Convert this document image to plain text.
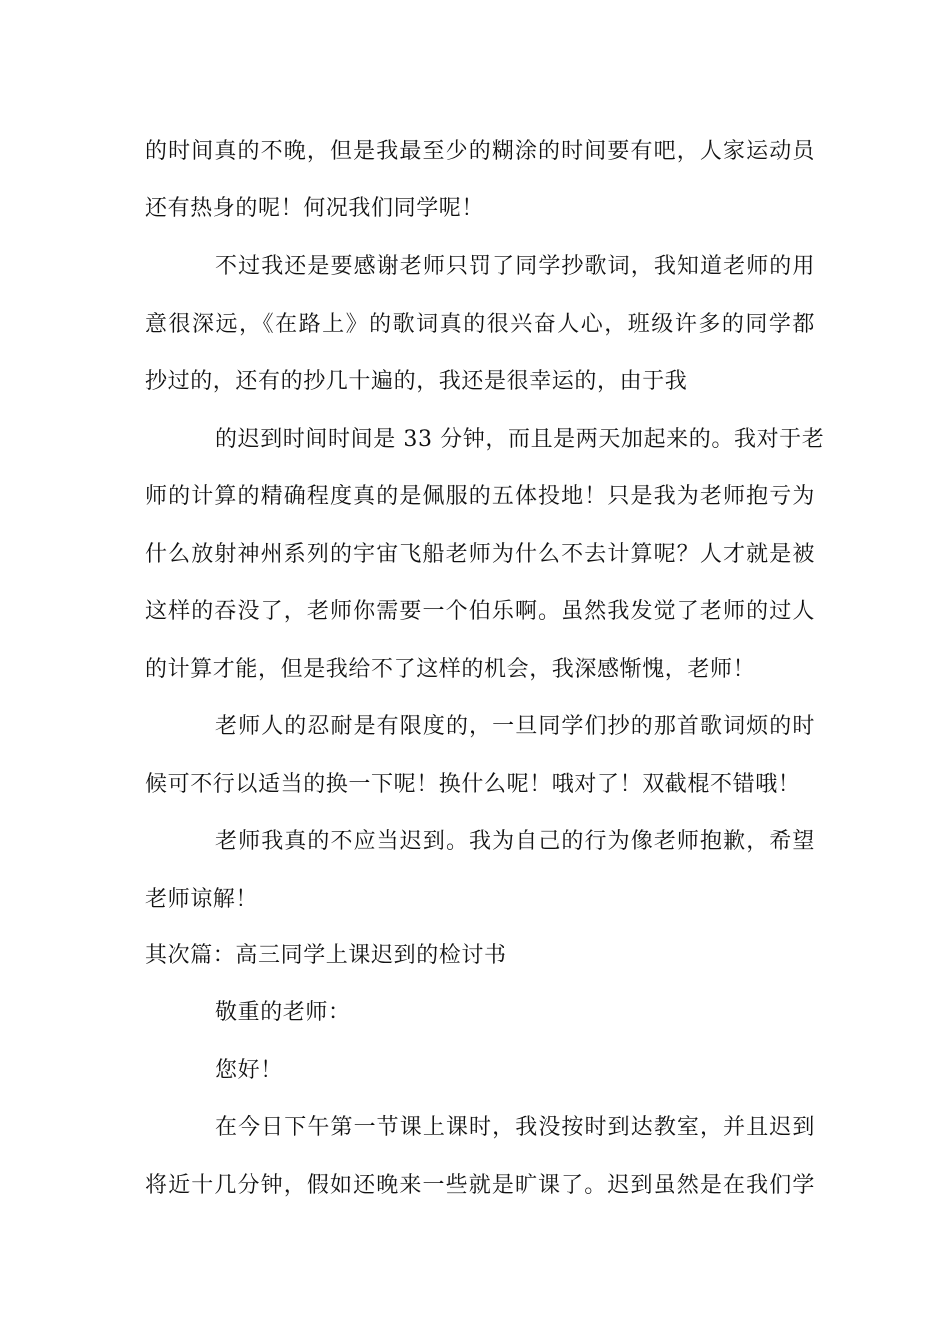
的时间真的不晚，但是我最至少的糊涂的时间要有吧，人家运动员
还有热身的呢！何况我们同学呢！
不过我还是要感谢老师只罚了同学抄歌词，我知道老师的用
意很深远，《在路上》的歌词真的很兴奋人心，班级许多的同学都
抄过的，还有的抄几十遍的，我还是很幸运的，由于我
的迟到时间时间是 33 分钟，而且是两天加起来的。我对于老
师的计算的精确程度真的是佩服的五体投地！只是我为老师抱亏为
什么放射神州系列的宇宙飞船老师为什么不去计算呢？人才就是被
这样的吞没了，老师你需要一个伯乐啊。虽然我发觉了老师的过人
的计算才能，但是我给不了这样的机会，我深感惭愧，老师！
老师人的忍耐是有限度的，一旦同学们抄的那首歌词烦的时
候可不行以适当的换一下呢！换什么呢！哦对了！双截棍不错哦！
老师我真的不应当迟到。我为自己的行为像老师抱歉，希望
老师谅解！
其次篇：高三同学上课迟到的检讨书
敬重的老师：
您好！
在今日下午第一节课上课时，我没按时到达教室，并且迟到
将近十几分钟，假如还晚来一些就是旷课了。迟到虽然是在我们学
